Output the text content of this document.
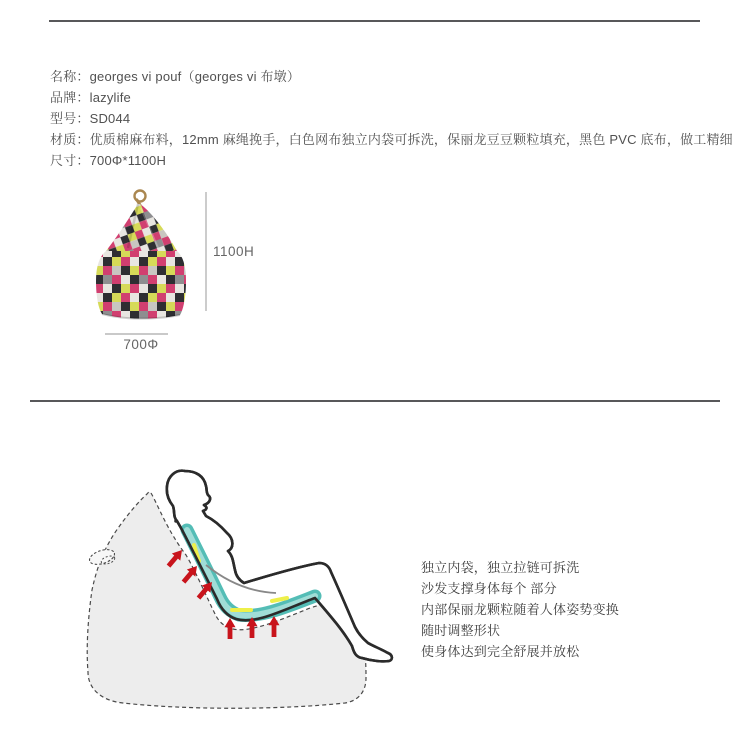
名称：georges vi pouf（georges vi 布墩）

品牌：lazylife

型号：SD044

材质：优质棉麻布料，12mm 麻绳挽手，白色网布独立内袋可拆洗，保丽龙豆豆颗粒填充，黑色 PVC 底布，做工精细

尺寸：700Φ*1100H

1100H
700Φ

独立内袋，独立拉链可拆洗

沙发支撑身体每个 部分

内部保丽龙颗粒随着人体姿势变换

随时调整形状

使身体达到完全舒展并放松
